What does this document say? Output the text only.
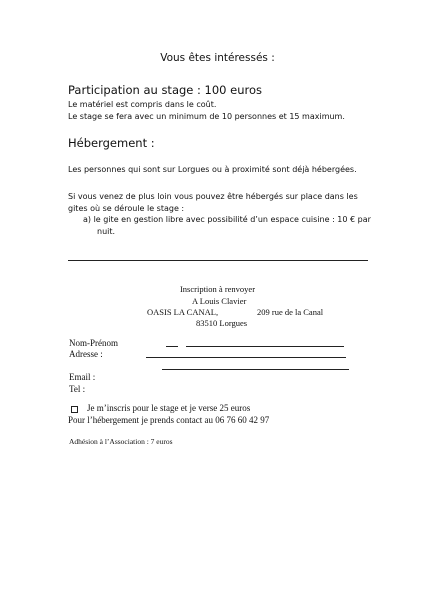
Vous êtes intéressés :
Participation au stage : 100 euros
Le matériel est compris dans le coût.
Le stage se fera avec un minimum de 10 personnes et 15 maximum.
Hébergement :
Les personnes qui sont sur Lorgues ou à proximité sont déjà hébergées.
Si vous venez de plus loin vous pouvez être hébergés sur place dans les
gites où se déroule le stage :
a) le gite en gestion libre avec possibilité d’un espace cuisine : 10 € par
nuit.
Inscription à renvoyer
A Louis Clavier
OASIS LA CANAL,	209 rue de la Canal
83510 Lorgues
Nom-Prénom
Adresse :
Email :
Tel :
Je m’inscris pour le stage et je verse 25 euros
Pour l’hébergement je prends contact au 06 76 60 42 97
Adhésion à l’Association : 7 euros
